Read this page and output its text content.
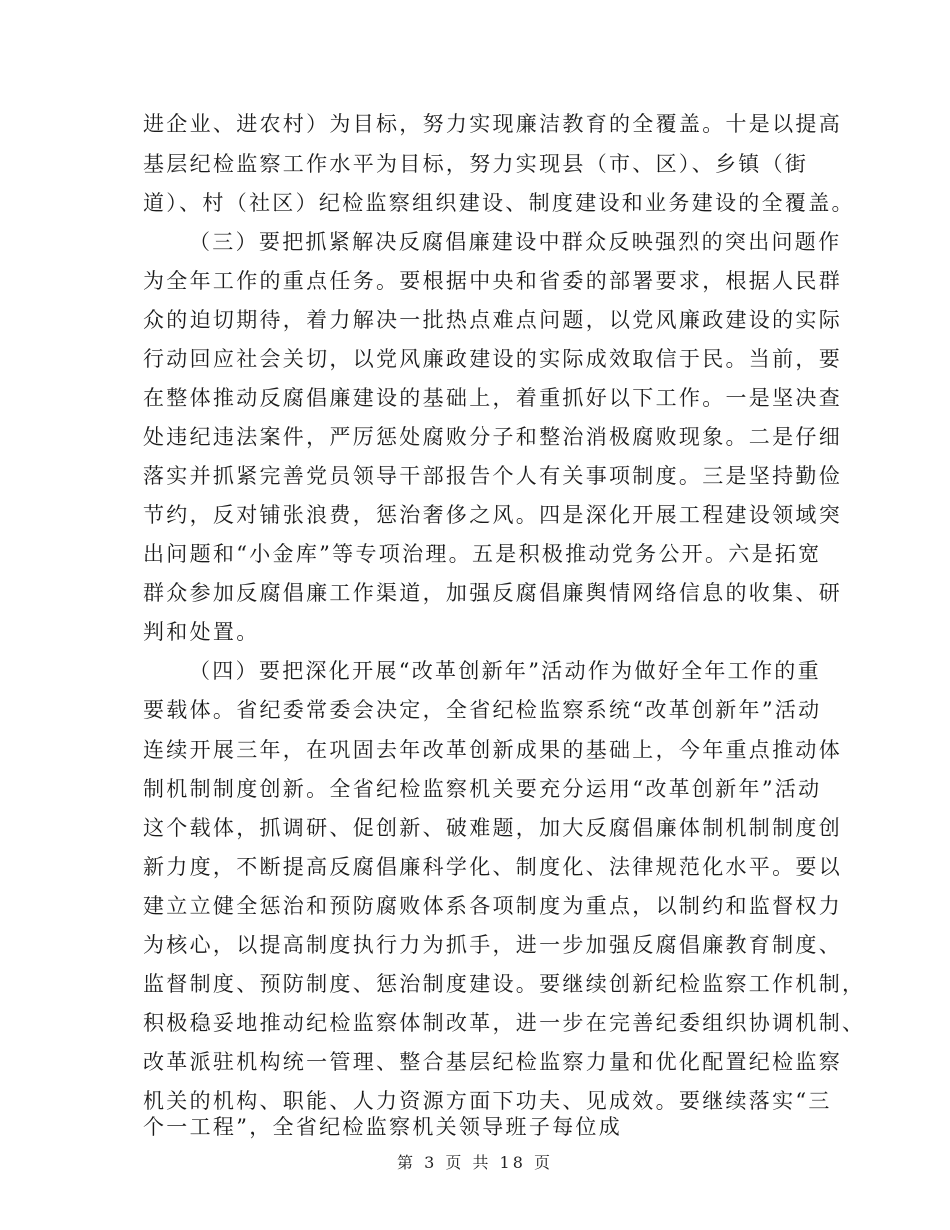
进企业、进农村）为目标，努力实现廉洁教育的全覆盖。十是以提高
基层纪检监察工作水平为目标，努力实现县（市、区）、乡镇（街
道）、村（社区）纪检监察组织建设、制度建设和业务建设的全覆盖。
（三）要把抓紧解决反腐倡廉建设中群众反映强烈的突出问题作
为全年工作的重点任务。要根据中央和省委的部署要求，根据人民群
众的迫切期待，着力解决一批热点难点问题，以党风廉政建设的实际
行动回应社会关切，以党风廉政建设的实际成效取信于民。当前，要
在整体推动反腐倡廉建设的基础上，着重抓好以下工作。一是坚决查
处违纪违法案件，严厉惩处腐败分子和整治消极腐败现象。二是仔细
落实并抓紧完善党员领导干部报告个人有关事项制度。三是坚持勤俭
节约，反对铺张浪费，惩治奢侈之风。四是深化开展工程建设领域突
出问题和“小金库”等专项治理。五是积极推动党务公开。六是拓宽
群众参加反腐倡廉工作渠道，加强反腐倡廉舆情网络信息的收集、研
判和处置。
（四）要把深化开展“改革创新年”活动作为做好全年工作的重
要载体。省纪委常委会决定，全省纪检监察系统“改革创新年”活动
连续开展三年，在巩固去年改革创新成果的基础上，今年重点推动体
制机制制度创新。全省纪检监察机关要充分运用“改革创新年”活动
这个载体，抓调研、促创新、破难题，加大反腐倡廉体制机制制度创
新力度，不断提高反腐倡廉科学化、制度化、法律规范化水平。要以
建立立健全惩治和预防腐败体系各项制度为重点，以制约和监督权力
为核心，以提高制度执行力为抓手，进一步加强反腐倡廉教育制度、
监督制度、预防制度、惩治制度建设。要继续创新纪检监察工作机制，
积极稳妥地推动纪检监察体制改革，进一步在完善纪委组织协调机制、
改革派驻机构统一管理、整合基层纪检监察力量和优化配置纪检监察
机关的机构、职能、人力资源方面下功夫、见成效。要继续落实“三
个一工程”，全省纪检监察机关领导班子每位成
第 3 页 共 18 页
